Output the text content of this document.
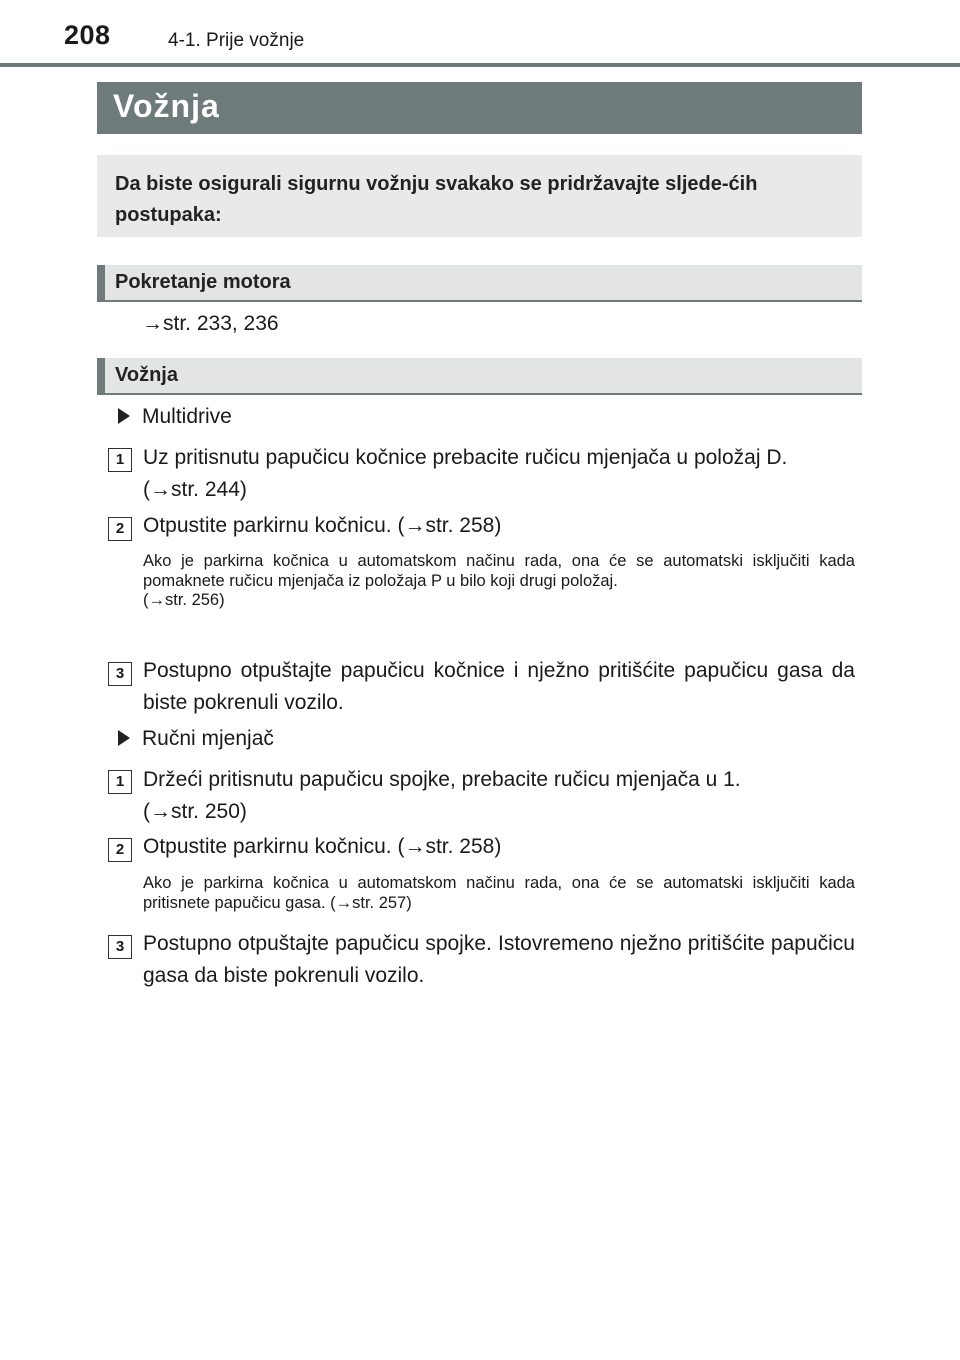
208	4-1. Prije vožnje
Vožnja
Da biste osigurali sigurnu vožnju svakako se pridržavajte sljede-ćih postupaka:
Pokretanje motora
→str. 233, 236
Vožnja
Multidrive
1 Uz pritisnutu papučicu kočnice prebacite ručicu mjenjača u položaj D.
(→str. 244)
2 Otpustite parkirnu kočnicu. (→str. 258)
Ako je parkirna kočnica u automatskom načinu rada, ona će se automatski isključiti kada pomaknete ručicu mjenjača iz položaja P u bilo koji drugi položaj.
(→str. 256)
3 Postupno otpuštajte papučicu kočnice i nježno pritišćite papučicu gasa da biste pokrenuli vozilo.
Ručni mjenjač
1 Držeći pritisnutu papučicu spojke, prebacite ručicu mjenjača u 1.
(→str. 250)
2 Otpustite parkirnu kočnicu. (→str. 258)
Ako je parkirna kočnica u automatskom načinu rada, ona će se automatski isključiti kada pritisnete papučicu gasa. (→str. 257)
3 Postupno otpuštajte papučicu spojke. Istovremeno nježno pritišćite papučicu gasa da biste pokrenuli vozilo.
